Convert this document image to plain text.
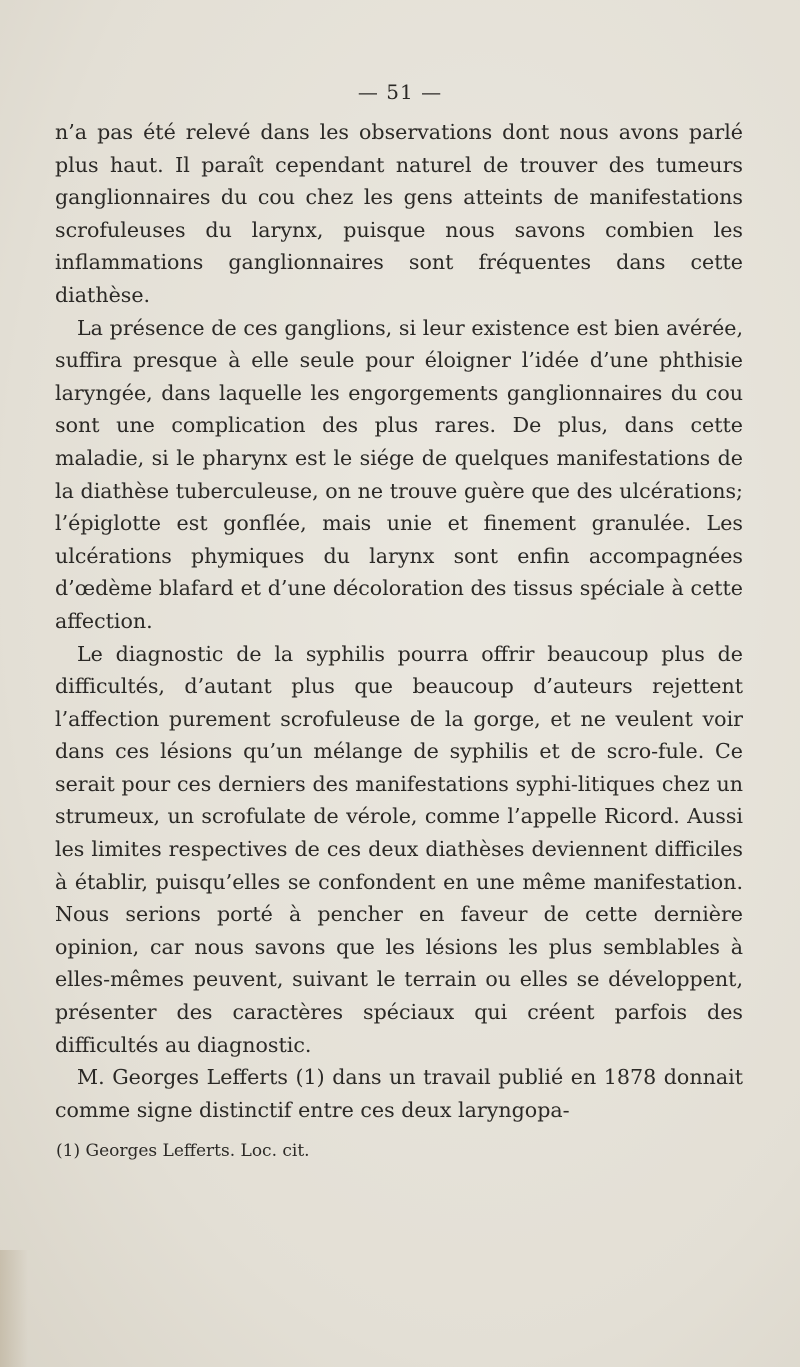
— 51 —

n’a pas été relevé dans les observations dont nous avons parlé plus haut. Il paraît cependant naturel de trouver des tumeurs ganglionnaires du cou chez les gens atteints de manifestations scrofuleuses du larynx, puisque nous savons combien les inflammations ganglionnaires sont fréquentes dans cette diathèse.

La présence de ces ganglions, si leur existence est bien avérée, suffira presque à elle seule pour éloigner l’idée d’une phthisie laryngée, dans laquelle les engorgements ganglionnaires du cou sont une complication des plus rares. De plus, dans cette maladie, si le pharynx est le siége de quelques manifestations de la diathèse tuberculeuse, on ne trouve guère que des ulcérations; l’épiglotte est gonflée, mais unie et finement granulée. Les ulcérations phymiques du larynx sont enfin accompagnées d’œdème blafard et d’une décoloration des tissus spéciale à cette affection.

Le diagnostic de la syphilis pourra offrir beaucoup plus de difficultés, d’autant plus que beaucoup d’auteurs rejettent l’affection purement scrofuleuse de la gorge, et ne veulent voir dans ces lésions qu’un mélange de syphilis et de scro-fule. Ce serait pour ces derniers des manifestations syphi-litiques chez un strumeux, un scrofulate de vérole, comme l’appelle Ricord. Aussi les limites respectives de ces deux diathèses deviennent difficiles à établir, puisqu’elles se confondent en une même manifestation. Nous serions porté à pencher en faveur de cette dernière opinion, car nous savons que les lésions les plus semblables à elles-mêmes peuvent, suivant le terrain ou elles se développent, présenter des caractères spéciaux qui créent parfois des difficultés au diagnostic.

M. Georges Lefferts (1) dans un travail publié en 1878 donnait comme signe distinctif entre ces deux laryngopa-

(1) Georges Lefferts. Loc. cit.
